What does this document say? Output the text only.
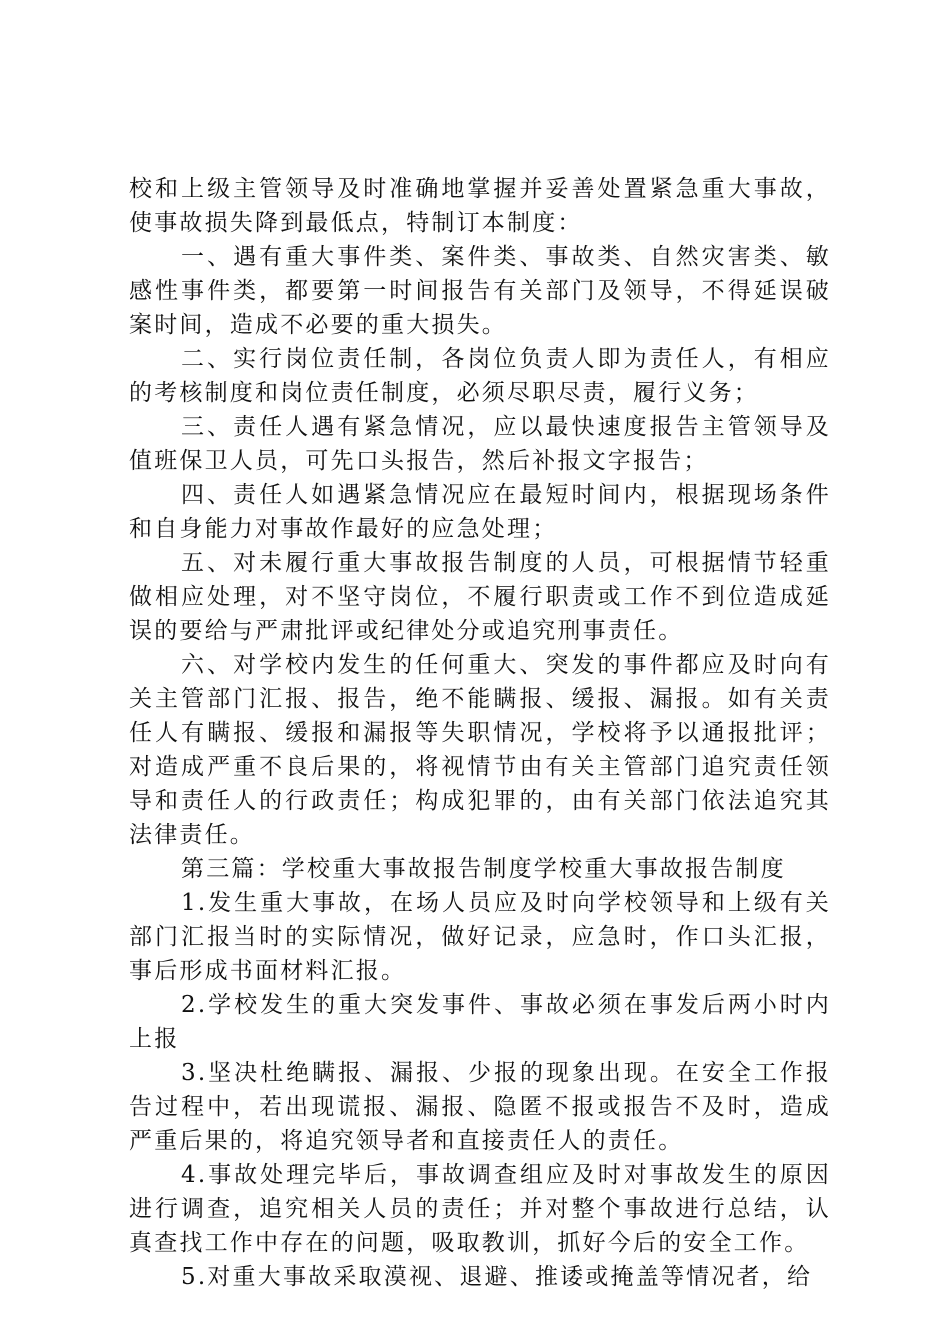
校和上级主管领导及时准确地掌握并妥善处置紧急重大事故，使事故损失降到最低点，特制订本制度：

一、遇有重大事件类、案件类、事故类、自然灾害类、敏感性事件类，都要第一时间报告有关部门及领导，不得延误破案时间，造成不必要的重大损失。

二、实行岗位责任制，各岗位负责人即为责任人，有相应的考核制度和岗位责任制度，必须尽职尽责，履行义务；

三、责任人遇有紧急情况，应以最快速度报告主管领导及值班保卫人员，可先口头报告，然后补报文字报告；

四、责任人如遇紧急情况应在最短时间内，根据现场条件和自身能力对事故作最好的应急处理；

五、对未履行重大事故报告制度的人员，可根据情节轻重做相应处理，对不坚守岗位，不履行职责或工作不到位造成延误的要给与严肃批评或纪律处分或追究刑事责任。

六、对学校内发生的任何重大、突发的事件都应及时向有关主管部门汇报、报告，绝不能瞒报、缓报、漏报。如有关责任人有瞒报、缓报和漏报等失职情况，学校将予以通报批评；对造成严重不良后果的，将视情节由有关主管部门追究责任领导和责任人的行政责任；构成犯罪的，由有关部门依法追究其法律责任。

第三篇：学校重大事故报告制度学校重大事故报告制度

1.发生重大事故，在场人员应及时向学校领导和上级有关部门汇报当时的实际情况，做好记录，应急时，作口头汇报，事后形成书面材料汇报。

2.学校发生的重大突发事件、事故必须在事发后两小时内上报

3.坚决杜绝瞒报、漏报、少报的现象出现。在安全工作报告过程中，若出现谎报、漏报、隐匿不报或报告不及时，造成严重后果的，将追究领导者和直接责任人的责任。

4.事故处理完毕后，事故调查组应及时对事故发生的原因进行调查，追究相关人员的责任；并对整个事故进行总结，认真查找工作中存在的问题，吸取教训，抓好今后的安全工作。

5.对重大事故采取漠视、退避、推诿或掩盖等情况者，给
